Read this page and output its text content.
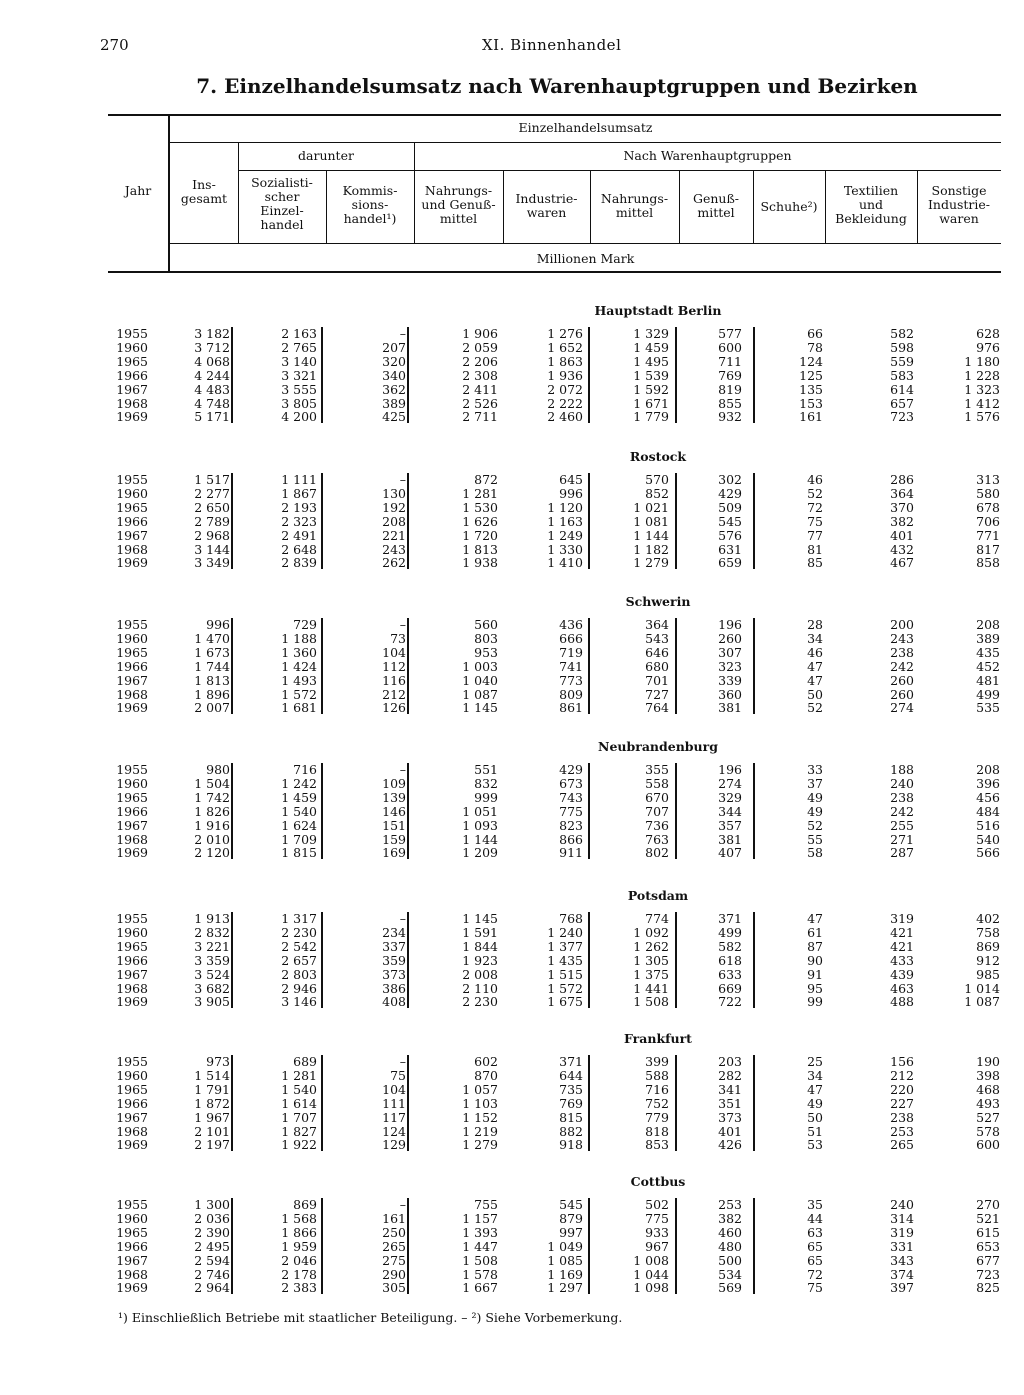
270	XI. Binnenhandel
7. Einzelhandelsumsatz nach Warenhauptgruppen und Bezirken
Jahr
Einzelhandelsumsatz
darunter	Nach Warenhauptgruppen
Millionen Mark
Ins-
gesamt
Sozialisti-
scher
Einzel-
handel
Kommis-
sions-
handel¹)
Nahrungs-
und Genuß-
mittel
Industrie-
waren
Nahrungs-
mittel
Genuß-
mittel	Schuhe²)
Textilien
und
Bekleidung
Sonstige
Industrie-
waren
Hauptstadt Berlin
1955	3 182	2 163	–	1 906	1 276	1 329	577	66	582	628
1960	3 712	2 765	207	2 059	1 652	1 459	600	78	598	976
1965	4 068	3 140	320	2 206	1 863	1 495	711	124	559	1 180
1966	4 244	3 321	340	2 308	1 936	1 539	769	125	583	1 228
1967	4 483	3 555	362	2 411	2 072	1 592	819	135	614	1 323
1968	4 748	3 805	389	2 526	2 222	1 671	855	153	657	1 412
1969	5 171	4 200	425	2 711	2 460	1 779	932	161	723	1 576
Rostock
1955	1 517	1 111	–	872	645	570	302	46	286	313
1960	2 277	1 867	130	1 281	996	852	429	52	364	580
1965	2 650	2 193	192	1 530	1 120	1 021	509	72	370	678
1966	2 789	2 323	208	1 626	1 163	1 081	545	75	382	706
1967	2 968	2 491	221	1 720	1 249	1 144	576	77	401	771
1968	3 144	2 648	243	1 813	1 330	1 182	631	81	432	817
1969	3 349	2 839	262	1 938	1 410	1 279	659	85	467	858
Schwerin
1955	996	729	–	560	436	364	196	28	200	208
1960	1 470	1 188	73	803	666	543	260	34	243	389
1965	1 673	1 360	104	953	719	646	307	46	238	435
1966	1 744	1 424	112	1 003	741	680	323	47	242	452
1967	1 813	1 493	116	1 040	773	701	339	47	260	481
1968	1 896	1 572	212	1 087	809	727	360	50	260	499
1969	2 007	1 681	126	1 145	861	764	381	52	274	535
Neubrandenburg
1955	980	716	–	551	429	355	196	33	188	208
1960	1 504	1 242	109	832	673	558	274	37	240	396
1965	1 742	1 459	139	999	743	670	329	49	238	456
1966	1 826	1 540	146	1 051	775	707	344	49	242	484
1967	1 916	1 624	151	1 093	823	736	357	52	255	516
1968	2 010	1 709	159	1 144	866	763	381	55	271	540
1969	2 120	1 815	169	1 209	911	802	407	58	287	566
Potsdam
1955	1 913	1 317	–	1 145	768	774	371	47	319	402
1960	2 832	2 230	234	1 591	1 240	1 092	499	61	421	758
1965	3 221	2 542	337	1 844	1 377	1 262	582	87	421	869
1966	3 359	2 657	359	1 923	1 435	1 305	618	90	433	912
1967	3 524	2 803	373	2 008	1 515	1 375	633	91	439	985
1968	3 682	2 946	386	2 110	1 572	1 441	669	95	463	1 014
1969	3 905	3 146	408	2 230	1 675	1 508	722	99	488	1 087
Frankfurt
1955	973	689	–	602	371	399	203	25	156	190
1960	1 514	1 281	75	870	644	588	282	34	212	398
1965	1 791	1 540	104	1 057	735	716	341	47	220	468
1966	1 872	1 614	111	1 103	769	752	351	49	227	493
1967	1 967	1 707	117	1 152	815	779	373	50	238	527
1968	2 101	1 827	124	1 219	882	818	401	51	253	578
1969	2 197	1 922	129	1 279	918	853	426	53	265	600
Cottbus
1955	1 300	869	–	755	545	502	253	35	240	270
1960	2 036	1 568	161	1 157	879	775	382	44	314	521
1965	2 390	1 866	250	1 393	997	933	460	63	319	615
1966	2 495	1 959	265	1 447	1 049	967	480	65	331	653
1967	2 594	2 046	275	1 508	1 085	1 008	500	65	343	677
1968	2 746	2 178	290	1 578	1 169	1 044	534	72	374	723
1969	2 964	2 383	305	1 667	1 297	1 098	569	75	397	825
¹) Einschließlich Betriebe mit staatlicher Beteiligung. – ²) Siehe Vorbemerkung.
